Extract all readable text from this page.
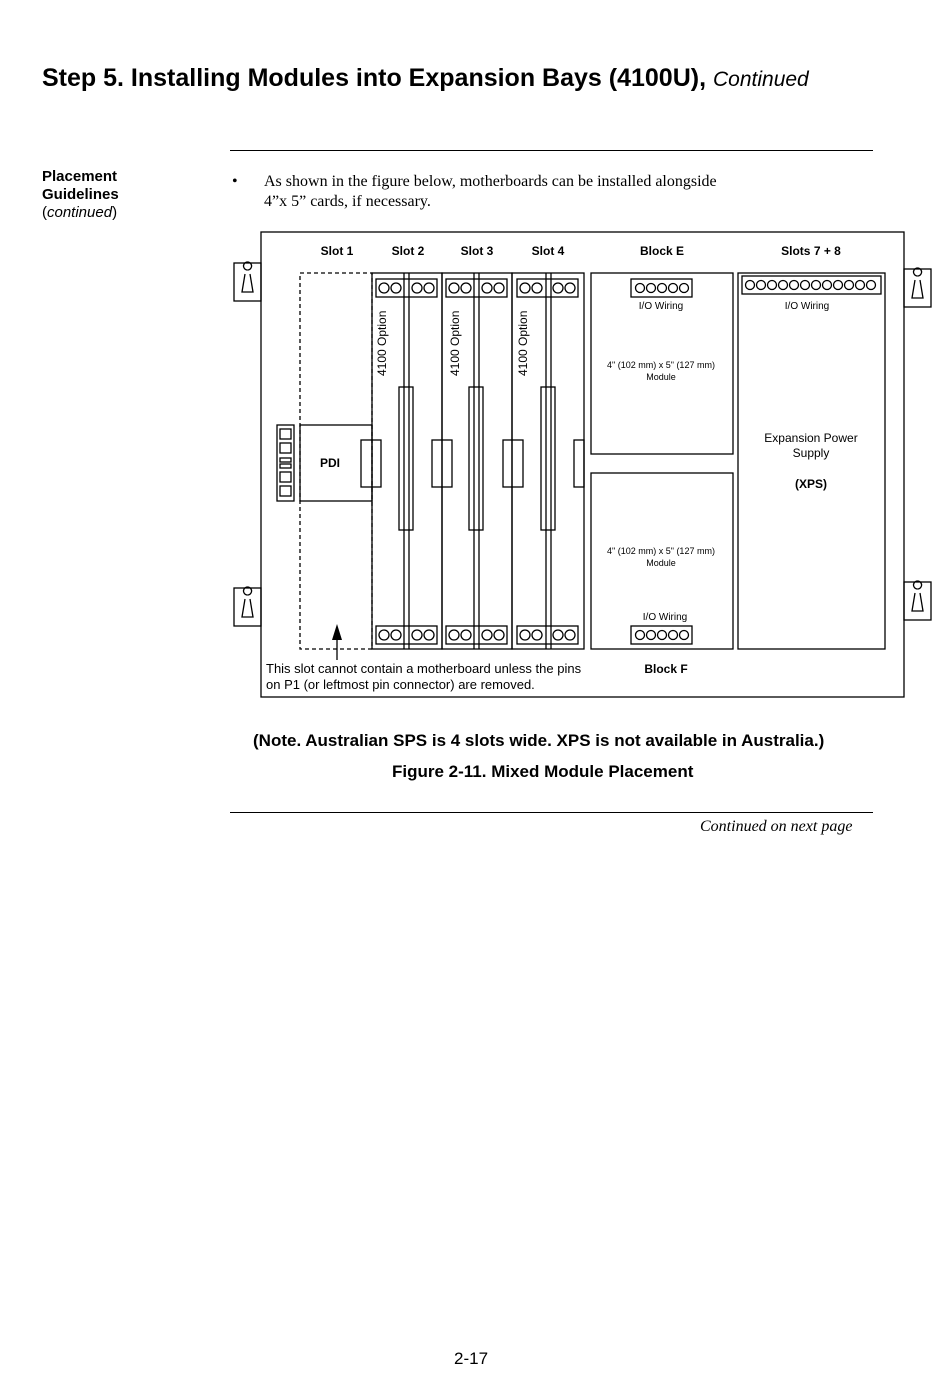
Step 5. Installing Modules into Expansion Bays (4100U), Continued
Placement
Guidelines
(continued)
• As shown in the figure below, motherboards can be installed alongside
4”x 5” cards, if necessary.
Slot 1	Slot 2	Slot 3	Slot 4	Block E	Slots 7 + 8
4100 Option	4100 Option	4100 Option
I/O Wiring	I/O Wiring
I/O Wiring
4" (102 mm) x 5" (127 mm)
Module
4" (102 mm) x 5" (127 mm)
Module
PDI
Expansion Power
Supply
(XPS)
Block F
This slot cannot contain a motherboard unless the pins
on P1 (or leftmost pin connector) are removed.
(Note. Australian SPS is 4 slots wide. XPS is not available in Australia.)
Figure 2-11. Mixed Module Placement
Continued on next page
2-17
